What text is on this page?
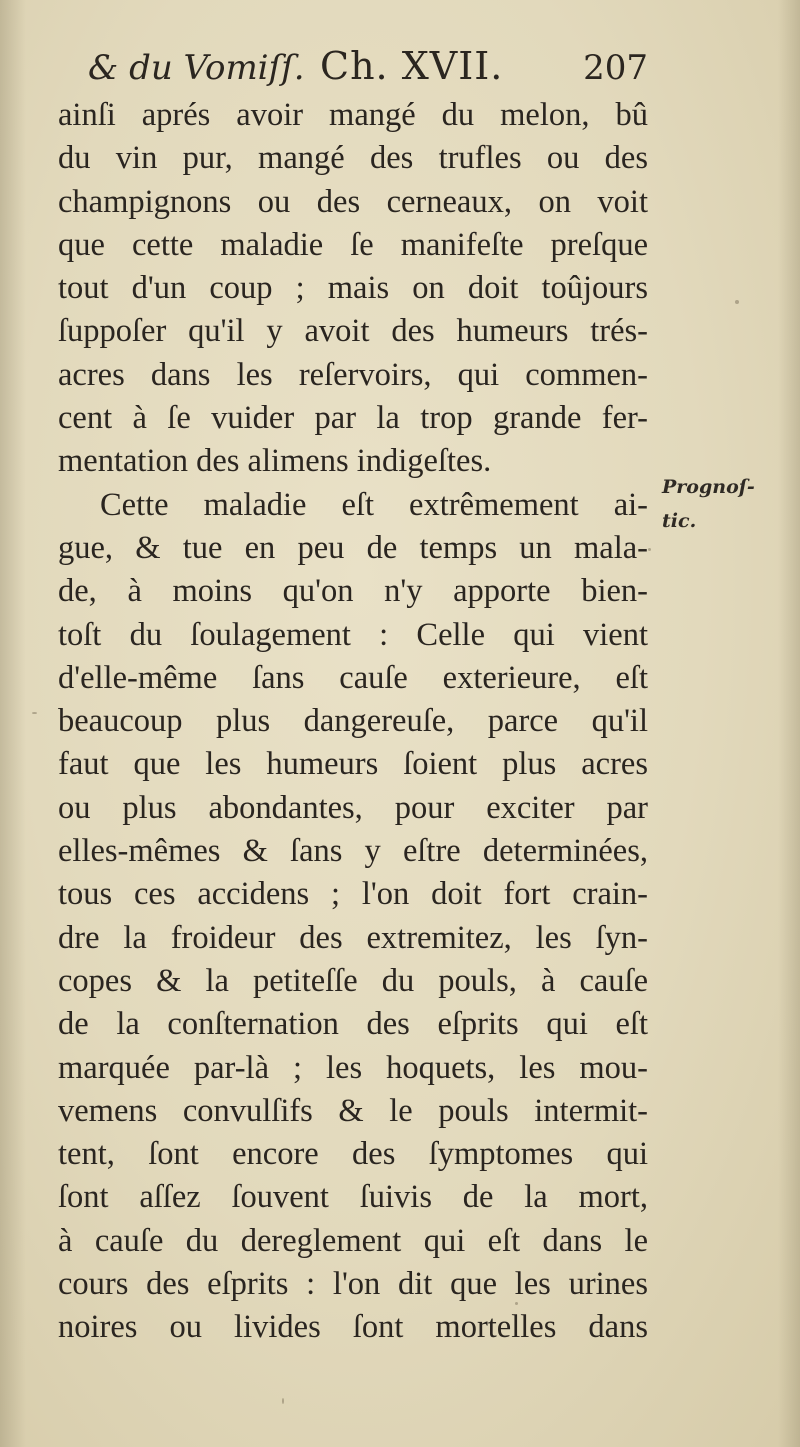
& du Vomiſſ. Ch. XVII. 207
ainſi aprés avoir mangé du melon, bû
du vin pur, mangé des trufles ou des
champignons ou des cerneaux, on voit
que cette maladie ſe manifeſte preſque
tout d'un coup ; mais on doit toûjours
ſuppoſer qu'il y avoit des humeurs trés-
acres dans les reſervoirs, qui commen-
cent à ſe vuider par la trop grande fer-
mentation des alimens indigeſtes.
Cette maladie eſt extrêmement ai-
gue, & tue en peu de temps un mala-
de, à moins qu'on n'y apporte bien-
toſt du ſoulagement : Celle qui vient
d'elle-même ſans cauſe exterieure, eſt
beaucoup plus dangereuſe, parce qu'il
faut que les humeurs ſoient plus acres
ou plus abondantes, pour exciter par
elles-mêmes & ſans y eſtre determinées,
tous ces accidens ; l'on doit fort crain-
dre la froideur des extremitez, les ſyn-
copes & la petiteſſe du pouls, à cauſe
de la conſternation des eſprits qui eſt
marquée par-là ; les hoquets, les mou-
vemens convulſifs & le pouls intermit-
tent, ſont encore des ſymptomes qui
ſont aſſez ſouvent ſuivis de la mort,
à cauſe du dereglement qui eſt dans le
cours des eſprits : l'on dit que les urines
noires ou livides ſont mortelles dans
Prognoſ-
tic.
